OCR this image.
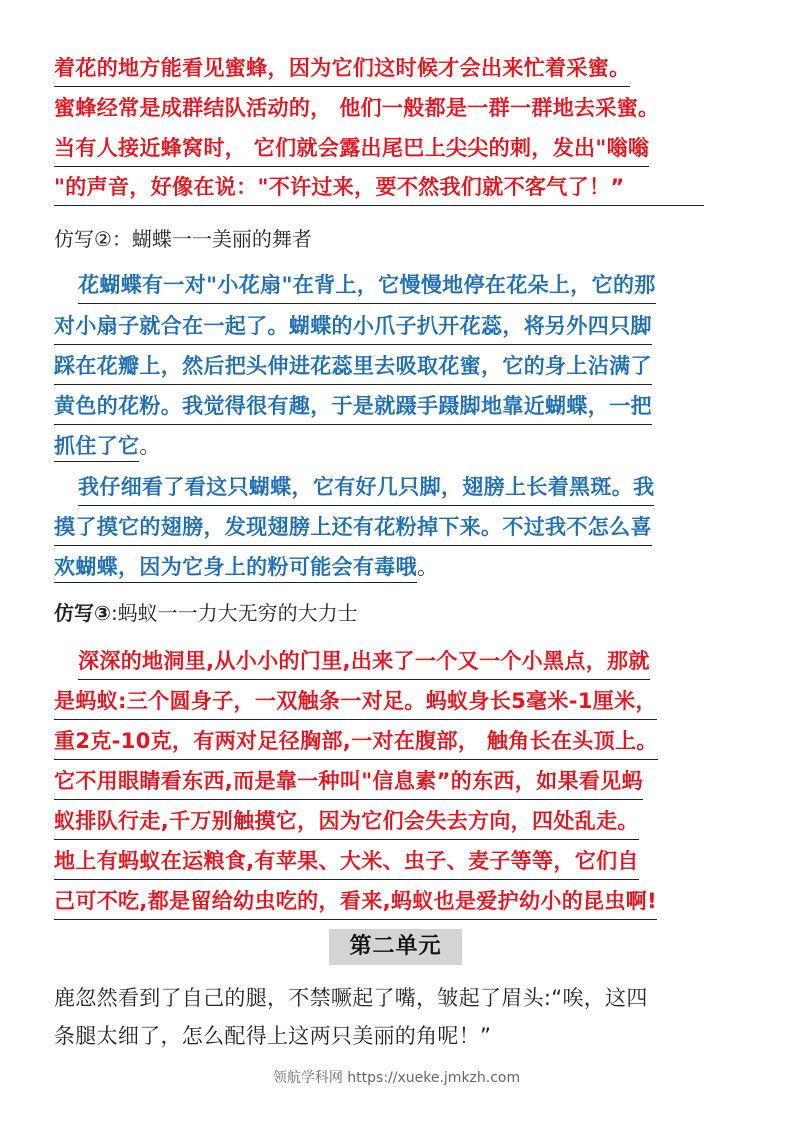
着花的地方能看见蜜蜂，因为它们这时候才会出来忙着采蜜。
蜜蜂经常是成群结队活动的， 他们一般都是一群一群地去采蜜。
当有人接近蜂窝时， 它们就会露出尾巴上尖尖的刺，发出"嗡嗡
"的声音，好像在说："不许过来，要不然我们就不客气了！”
仿写②：蝴蝶一一美丽的舞者
花蝴蝶有一对"小花扇"在背上，它慢慢地停在花朵上，它的那
对小扇子就合在一起了。蝴蝶的小爪子扒开花蕊，将另外四只脚
踩在花瓣上，然后把头伸进花蕊里去吸取花蜜，它的身上沾满了
黄色的花粉。我觉得很有趣，于是就蹑手蹑脚地靠近蝴蝶，一把
抓住了它。
我仔细看了看这只蝴蝶，它有好几只脚，翅膀上长着黑斑。我
摸了摸它的翅膀，发现翅膀上还有花粉掉下来。不过我不怎么喜
欢蝴蝶，因为它身上的粉可能会有毒哦。
仿写③:蚂蚁一一力大无穷的大力士
深深的地洞里,从小小的门里,出来了一个又一个小黑点，那就
是蚂蚁:三个圆身子，一双触条一对足。蚂蚁身长5毫米-1厘米，
重2克-10克，有两对足径胸部,一对在腹部， 触角长在头顶上。
它不用眼睛看东西,而是靠一种叫"信息素”的东西，如果看见蚂
蚁排队行走,千万别触摸它，因为它们会失去方向，四处乱走。
地上有蚂蚁在运粮食,有苹果、大米、虫子、麦子等等，它们自
己可不吃,都是留给幼虫吃的，看来,蚂蚁也是爱护幼小的昆虫啊!
第二单元
鹿忽然看到了自己的腿，不禁噘起了嘴，皱起了眉头:“唉，这四
条腿太细了，怎么配得上这两只美丽的角呢！”
领航学科网 https://xueke.jmkzh.com
